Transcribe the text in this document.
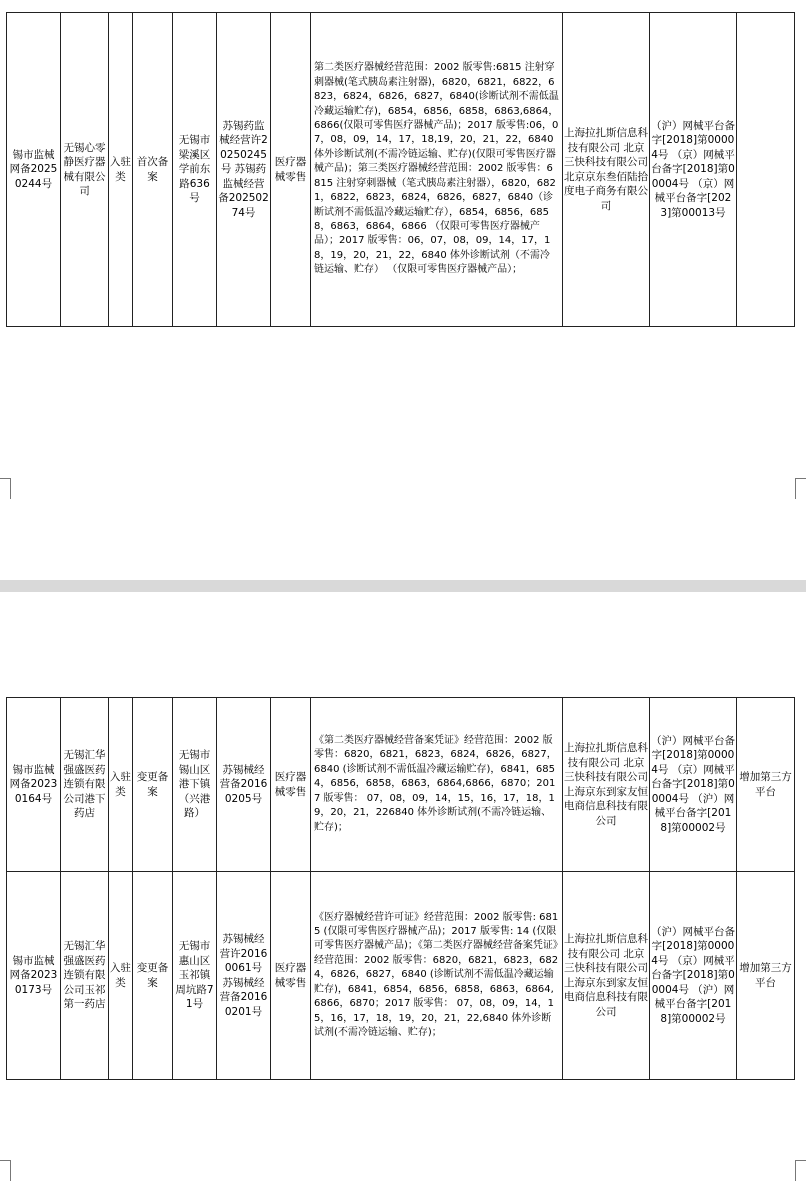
锡市监械网备20250244号	无锡心零静医疗器械有限公司	入驻类	首次备案	无锡市梁溪区学前东路636号	苏锡药监械经营许20250245号 苏锡药监械经营备20250274号	医疗器械零售	第二类医疗器械经营范围：2002 版零售:6815 注射穿刺器械(笔式胰岛素注射器)，6820，6821，6822，6823，6824，6826，6827，6840(诊断试剂不需低温冷藏运输贮存)，6854，6856，6858，6863,6864，6866(仅限可零售医疗器械产品)；2017 版零售:06，07，08，09，14，17，18,19，20，21，22，6840 体外诊断试剂(不需冷链运输、贮存)(仅限可零售医疗器械产品)；第三类医疗器械经营范围：2002 版零售：6815 注射穿刺器械（笔式胰岛素注射器），6820，6821，6822，6823，6824，6826，6827，6840（诊断试剂不需低温冷藏运输贮存），6854，6856，6858，6863，6864，6866 （仅限可零售医疗器械产品）；2017 版零售：06，07，08，09，14，17，18，19，20，21，22，6840 体外诊断试剂（不需冷链运输、贮存） （仅限可零售医疗器械产品）；	上海拉扎斯信息科技有限公司 北京三快科技有限公司 北京京东叁佰陆拾度电子商务有限公司	（沪）网械平台备字[2018]第00004号 （京）网械平台备字[2018]第00004号 （京）网械平台备字[2023]第00013号	
锡市监械网备20230164号	无锡汇华强盛医药连锁有限公司港下药店	入驻类	变更备案	无锡市锡山区港下镇（兴港路）	苏锡械经营备20160205号	医疗器械零售	《第二类医疗器械经营备案凭证》经营范围：2002 版零售：6820，6821，6823，6824，6826，6827，6840 (诊断试剂不需低温冷藏运输贮存)，6841，6854，6856，6858，6863，6864,6866，6870；2017 版零售： 07，08，09，14，15，16，17，18，19，20，21，226840 体外诊断试剂(不需冷链运输、贮存)；	上海拉扎斯信息科技有限公司 北京三快科技有限公司 上海京东到家友恒电商信息科技有限公司	（沪）网械平台备字[2018]第00004号 （京）网械平台备字[2018]第00004号 （沪）网械平台备字[2018]第00002号	增加第三方平台
锡市监械网备20230173号	无锡汇华强盛医药连锁有限公司玉祁第一药店	入驻类	变更备案	无锡市惠山区玉祁镇周坑路71号	苏锡械经营许20160061号 苏锡械经营备20160201号	医疗器械零售	《医疗器械经营许可证》经营范围：2002 版零售: 6815 (仅限可零售医疗器械产品)；2017 版零售: 14 (仅限可零售医疗器械产品)；《第二类医疗器械经营备案凭证》经营范围：2002 版零售：6820，6821，6823，6824，6826，6827，6840 (诊断试剂不需低温冷藏运输贮存)，6841，6854，6856，6858，6863，6864,6866，6870；2017 版零售： 07，08，09，14，15，16，17，18，19，20，21，22,6840 体外诊断试剂(不需冷链运输、贮存)；	上海拉扎斯信息科技有限公司 北京三快科技有限公司 上海京东到家友恒电商信息科技有限公司	（沪）网械平台备字[2018]第00004号 （京）网械平台备字[2018]第00004号 （沪）网械平台备字[2018]第00002号	增加第三方平台
